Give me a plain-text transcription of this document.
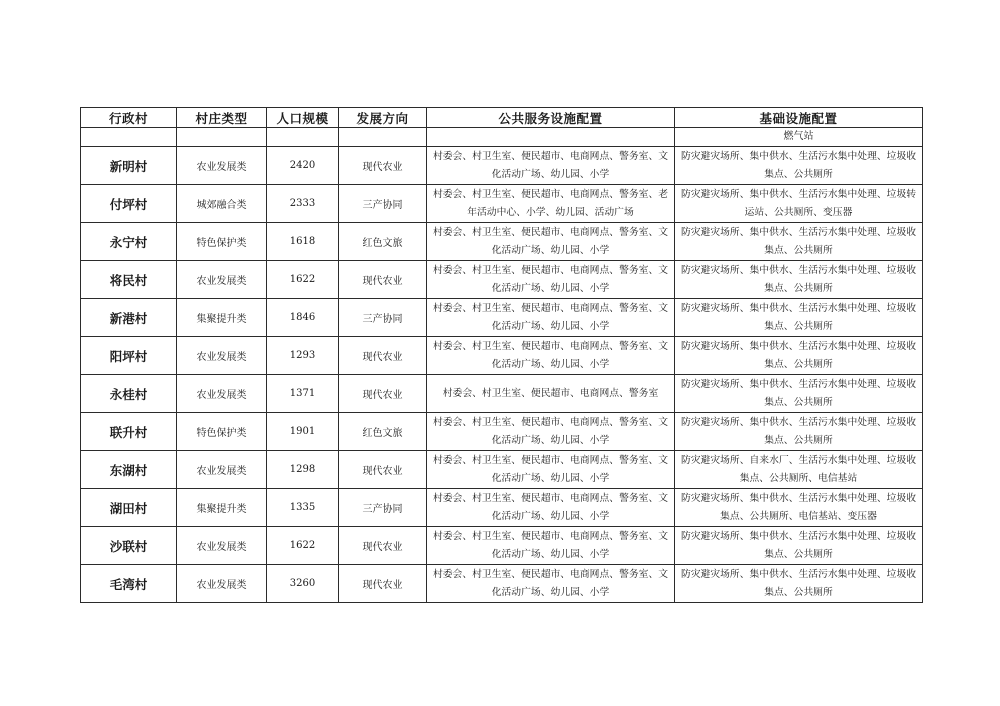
行政村	村庄类型	人口规模	发展方向	公共服务设施配置	基础设施配置
					燃气站
新明村	农业发展类	2420	现代农业	村委会、村卫生室、便民超市、电商网点、警务室、文化活动广场、幼儿园、小学	防灾避灾场所、集中供水、生活污水集中处理、垃圾收集点、公共厕所
付坪村	城郊融合类	2333	三产协同	村委会、村卫生室、便民超市、电商网点、警务室、老年活动中心、小学、幼儿园、活动广场	防灾避灾场所、集中供水、生活污水集中处理、垃圾转运站、公共厕所、变压器
永宁村	特色保护类	1618	红色文旅	村委会、村卫生室、便民超市、电商网点、警务室、文化活动广场、幼儿园、小学	防灾避灾场所、集中供水、生活污水集中处理、垃圾收集点、公共厕所
将民村	农业发展类	1622	现代农业	村委会、村卫生室、便民超市、电商网点、警务室、文化活动广场、幼儿园、小学	防灾避灾场所、集中供水、生活污水集中处理、垃圾收集点、公共厕所
新港村	集聚提升类	1846	三产协同	村委会、村卫生室、便民超市、电商网点、警务室、文化活动广场、幼儿园、小学	防灾避灾场所、集中供水、生活污水集中处理、垃圾收集点、公共厕所
阳坪村	农业发展类	1293	现代农业	村委会、村卫生室、便民超市、电商网点、警务室、文化活动广场、幼儿园、小学	防灾避灾场所、集中供水、生活污水集中处理、垃圾收集点、公共厕所
永桂村	农业发展类	1371	现代农业	村委会、村卫生室、便民超市、电商网点、警务室	防灾避灾场所、集中供水、生活污水集中处理、垃圾收集点、公共厕所
联升村	特色保护类	1901	红色文旅	村委会、村卫生室、便民超市、电商网点、警务室、文化活动广场、幼儿园、小学	防灾避灾场所、集中供水、生活污水集中处理、垃圾收集点、公共厕所
东湖村	农业发展类	1298	现代农业	村委会、村卫生室、便民超市、电商网点、警务室、文化活动广场、幼儿园、小学	防灾避灾场所、自来水厂、生活污水集中处理、垃圾收集点、公共厕所、电信基站
湖田村	集聚提升类	1335	三产协同	村委会、村卫生室、便民超市、电商网点、警务室、文化活动广场、幼儿园、小学	防灾避灾场所、集中供水、生活污水集中处理、垃圾收集点、公共厕所、电信基站、变压器
沙联村	农业发展类	1622	现代农业	村委会、村卫生室、便民超市、电商网点、警务室、文化活动广场、幼儿园、小学	防灾避灾场所、集中供水、生活污水集中处理、垃圾收集点、公共厕所
毛湾村	农业发展类	3260	现代农业	村委会、村卫生室、便民超市、电商网点、警务室、文化活动广场、幼儿园、小学	防灾避灾场所、集中供水、生活污水集中处理、垃圾收集点、公共厕所
